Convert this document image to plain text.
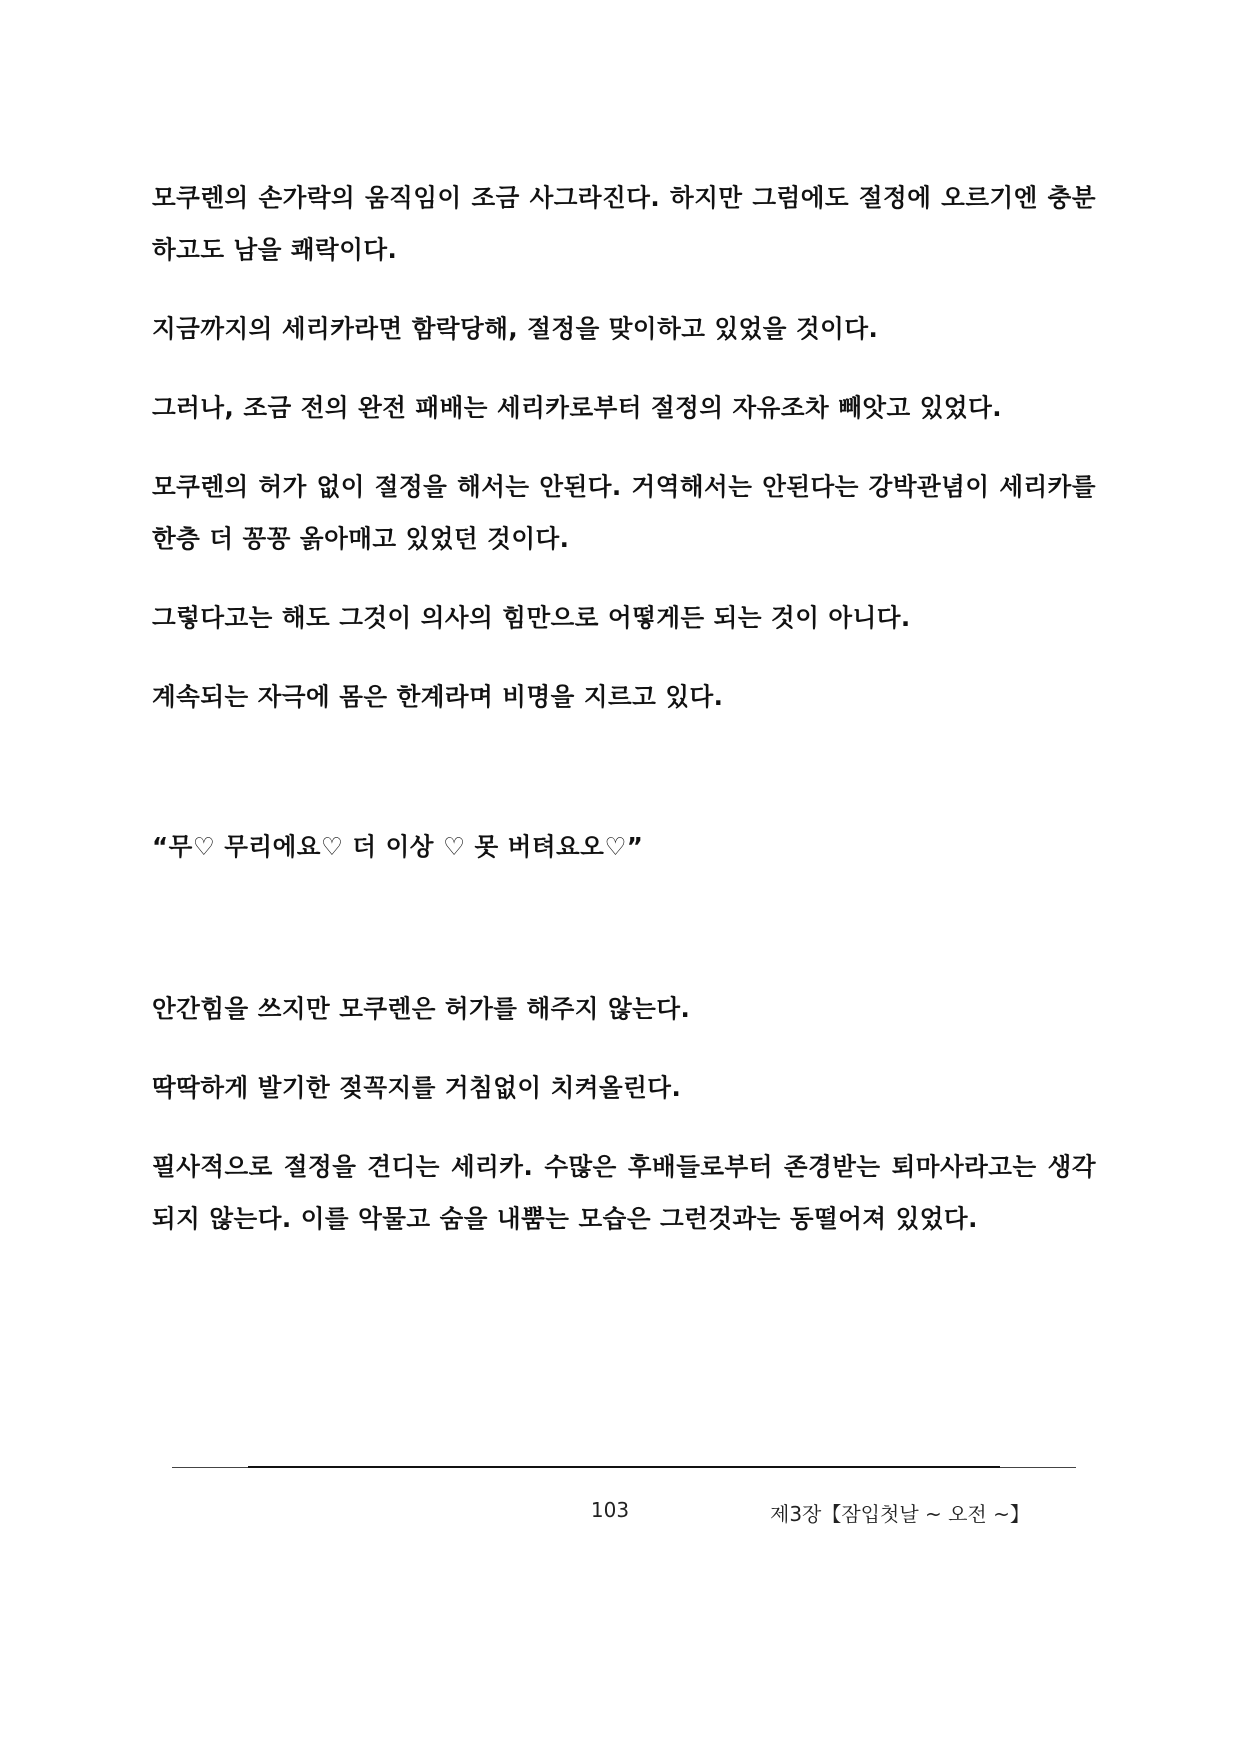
모쿠렌의 손가락의 움직임이 조금 사그라진다. 하지만 그럼에도 절정에 오르기엔 충분하고도 남을 쾌락이다.

지금까지의 세리카라면 함락당해, 절정을 맞이하고 있었을 것이다.

그러나, 조금 전의 완전 패배는 세리카로부터 절정의 자유조차 빼앗고 있었다.

모쿠렌의 허가 없이 절정을 해서는 안된다. 거역해서는 안된다는 강박관념이 세리카를 한층 더 꽁꽁 옭아매고 있었던 것이다.

그렇다고는 해도 그것이 의사의 힘만으로 어떻게든 되는 것이 아니다.

계속되는 자극에 몸은 한계라며 비명을 지르고 있다.

“무♡ 무리에요♡ 더 이상 ♡ 못 버텨요오♡”

안간힘을 쓰지만 모쿠렌은 허가를 해주지 않는다.

딱딱하게 발기한 젖꼭지를 거침없이 치켜올린다.

필사적으로 절정을 견디는 세리카. 수많은 후배들로부터 존경받는 퇴마사라고는 생각되지 않는다. 이를 악물고 숨을 내뿜는 모습은 그런것과는 동떨어져 있었다.

103	제3장【잠입첫날 ~ 오전 ~】
